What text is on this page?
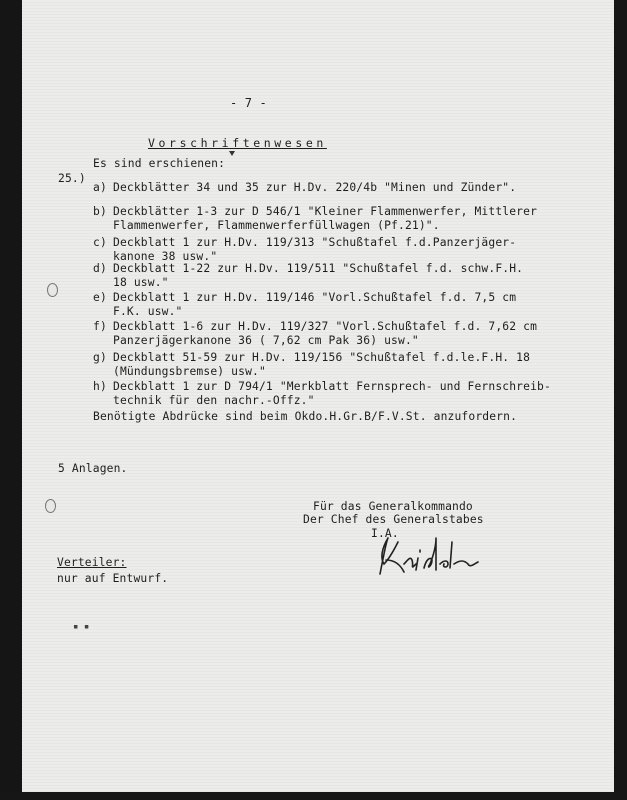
- 7 -
Vorschriftenwesen
25.)
Es sind erschienen:
a) Deckblätter 34 und 35 zur H.Dv. 220/4b "Minen und Zünder".
b) Deckblätter 1-3 zur D 546/1 "Kleiner Flammenwerfer, Mittlerer
Flammenwerfer, Flammenwerferfüllwagen (Pf.21)".
c) Deckblatt 1 zur H.Dv. 119/313 "Schußtafel f.d.Panzerjäger-
kanone 38 usw."
d) Deckblatt 1-22 zur H.Dv. 119/511 "Schußtafel f.d. schw.F.H.
18 usw."
e) Deckblatt 1 zur H.Dv. 119/146 "Vorl.Schußtafel f.d. 7,5 cm
F.K. usw."
f) Deckblatt 1-6 zur H.Dv. 119/327 "Vorl.Schußtafel f.d. 7,62 cm
Panzerjägerkanone 36 ( 7,62 cm Pak 36) usw."
g) Deckblatt 51-59 zur H.Dv. 119/156 "Schußtafel f.d.le.F.H. 18
(Mündungsbremse) usw."
h) Deckblatt 1 zur D 794/1 "Merkblatt Fernsprech- und Fernschreib-
technik für den nachr.-Offz."
Benötigte Abdrücke sind beim Okdo.H.Gr.B/F.V.St. anzufordern.
5 Anlagen.
Für das Generalkommando
Der Chef des Generalstabes
I.A.
Verteiler:
nur auf Entwurf.
▪ ▪
